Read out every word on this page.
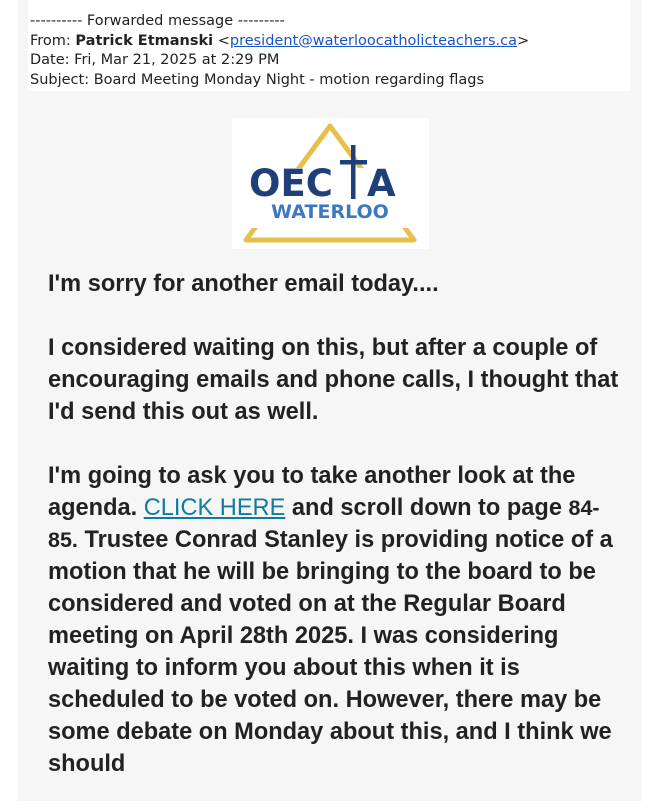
---------- Forwarded message ---------
From: Patrick Etmanski <president@waterloocatholicteachers.ca>
Date: Fri, Mar 21, 2025 at 2:29 PM
Subject: Board Meeting Monday Night - motion regarding flags
OEC A
WATERLOO

I'm sorry for another email today....

I considered waiting on this, but after a couple of encouraging emails and phone calls, I thought that I'd send this out as well.

I'm going to ask you to take another look at the agenda. CLICK HERE and scroll down to page 84-85. Trustee Conrad Stanley is providing notice of a motion that he will be bringing to the board to be considered and voted on at the Regular Board meeting on April 28th 2025. I was considering waiting to inform you about this when it is scheduled to be voted on. However, there may be some debate on Monday about this, and I think we should
